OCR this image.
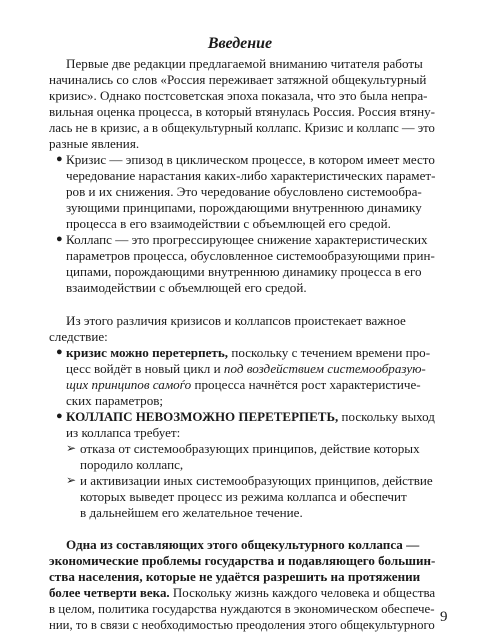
Введение
Первые две редакции предлагаемой вниманию читателя работы
начинались со слов «Россия переживает затяжной общекультурный
кризис». Однако постсоветская эпоха показала, что это была непра-
вильная оценка процесса, в который втянулась Россия. Россия втяну-
лась не в кризис, а в общекультурный коллапс. Кризис и коллапс — это
разные явления.
● Кризис — эпизод в циклическом процессе, в котором имеет место
чередование нарастания каких-либо характеристических парамет-
ров и их снижения. Это чередование обусловлено системообра-
зующими принципами, порождающими внутреннюю динамику
процесса в его взаимодействии с объемлющей его средой.
● Коллапс — это прогрессирующее снижение характеристических
параметров процесса, обусловленное системообразующими прин-
ципами, порождающими внутреннюю динамику процесса в его
взаимодействии с объемлющей его средой.
Из этого различия кризисов и коллапсов проистекает важное
следствие:
● кризис можно перетерпеть, поскольку с течением времени про-
цесс войдёт в новый цикл и под воздействием системообразую-
щих принципов самоѓо процесса начнётся рост характеристиче-
ских параметров;
● КОЛЛАПС НЕВОЗМОЖНО ПЕРЕТЕРПЕТЬ, поскольку выход
из коллапса требует:
➢ отказа от системообразующих принципов, действие которых
породило коллапс,
➢ и активизации иных системообразующих принципов, действие
которых выведет процесс из режима коллапса и обеспечит
в дальнейшем его желательное течение.
Одна из составляющих этого общекультурного коллапса —
экономические проблемы государства и подавляющего большин-
ства населения, которые не удаётся разрешить на протяжении
более четверти века. Поскольку жизнь каждого человека и общества
в целом, политика государства нуждаются в экономическом обеспече-
нии, то в связи с необходимостью преодоления этого общекультурного 9
